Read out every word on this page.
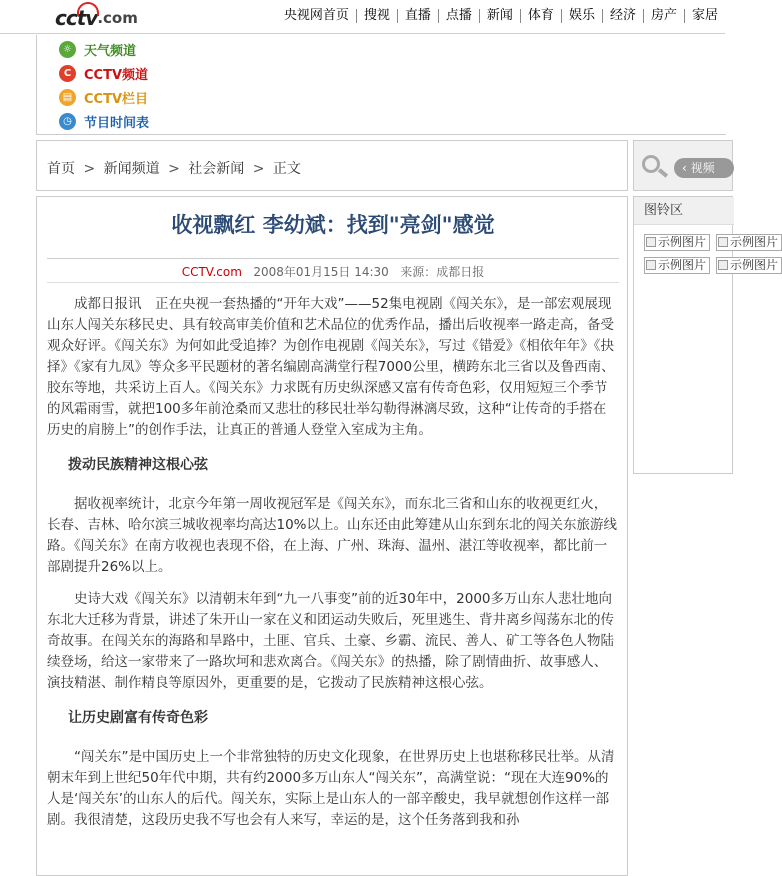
cctv .com	央视网首页	搜视	直播	点播	新闻	体育	娱乐	经济	房产	家居
☼ 天气频道
C CCTV频道
▤ CCTV栏目
◷ 节目时间表
首页 > 新闻频道 > 社会新闻 > 正文	‹ 视频
收视飘红 李幼斌：找到"亮剑"感觉
CCTV.com 2008年01月15日 14:30 来源：成都日报

成都日报讯　正在央视一套热播的“开年大戏”——52集电视剧《闯关东》，是一部宏观展现山东人闯关东移民史、具有较高审美价值和艺术品位的优秀作品，播出后收视率一路走高，备受观众好评。《闯关东》为何如此受追捧？为创作电视剧《闯关东》，写过《错爱》《相依年年》《抉择》《家有九凤》等众多平民题材的著名编剧高满堂行程7000公里，横跨东北三省以及鲁西南、胶东等地，共采访上百人。《闯关东》力求既有历史纵深感又富有传奇色彩，仅用短短三个季节的风霜雨雪，就把100多年前沧桑而又悲壮的移民壮举勾勒得淋漓尽致，这种“让传奇的手搭在历史的肩膀上”的创作手法，让真正的普通人登堂入室成为主角。

拨动民族精神这根心弦

据收视率统计，北京今年第一周收视冠军是《闯关东》，而东北三省和山东的收视更红火，长春、吉林、哈尔滨三城收视率均高达10%以上。山东还由此筹建从山东到东北的闯关东旅游线路。《闯关东》在南方收视也表现不俗，在上海、广州、珠海、温州、湛江等收视率，都比前一部剧提升26%以上。

史诗大戏《闯关东》以清朝末年到“九一八事变”前的近30年中，2000多万山东人悲壮地向东北大迁移为背景，讲述了朱开山一家在义和团运动失败后，死里逃生、背井离乡闯荡东北的传奇故事。在闯关东的海路和旱路中，土匪、官兵、土豪、乡霸、流民、善人、矿工等各色人物陆续登场，给这一家带来了一路坎坷和悲欢离合。《闯关东》的热播，除了剧情曲折、故事感人、演技精湛、制作精良等原因外，更重要的是，它拨动了民族精神这根心弦。

让历史剧富有传奇色彩

“闯关东”是中国历史上一个非常独特的历史文化现象，在世界历史上也堪称移民壮举。从清朝末年到上世纪50年代中期，共有约2000多万山东人“闯关东”，高满堂说：“现在大连90%的人是‘闯关东’的山东人的后代。闯关东，实际上是山东人的一部辛酸史，我早就想创作这样一部剧。我很清楚，这段历史我不写也会有人来写，幸运的是，这个任务落到我和孙

图铃区
示例图片	示例图片
示例图片	示例图片
